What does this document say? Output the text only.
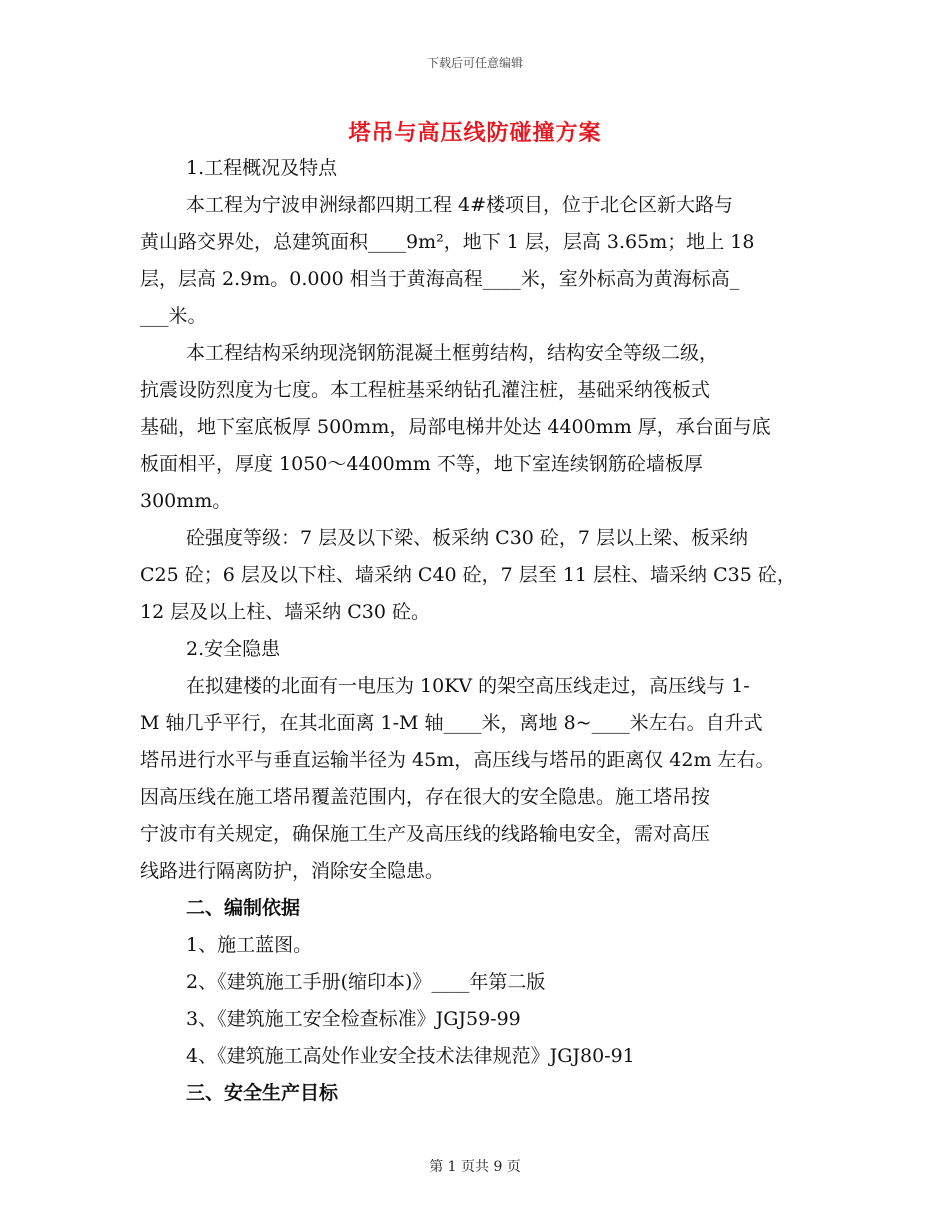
下载后可任意编辑
塔吊与高压线防碰撞方案
1.工程概况及特点
本工程为宁波申洲绿都四期工程 4#楼项目，位于北仑区新大路与
黄山路交界处，总建筑面积____9m²，地下 1 层，层高 3.65m；地上 18
层，层高 2.9m。0.000 相当于黄海高程____米，室外标高为黄海标高_
___米。
本工程结构采纳现浇钢筋混凝土框剪结构，结构安全等级二级，
抗震设防烈度为七度。本工程桩基采纳钻孔灌注桩，基础采纳筏板式
基础，地下室底板厚 500mm，局部电梯井处达 4400mm 厚，承台面与底
板面相平，厚度 1050～4400mm 不等，地下室连续钢筋砼墙板厚
300mm。
砼强度等级：7 层及以下梁、板采纳 C30 砼，7 层以上梁、板采纳
C25 砼；6 层及以下柱、墙采纳 C40 砼，7 层至 11 层柱、墙采纳 C35 砼，
12 层及以上柱、墙采纳 C30 砼。
2.安全隐患
在拟建楼的北面有一电压为 10KV 的架空高压线走过，高压线与 1-
M 轴几乎平行，在其北面离 1-M 轴____米，离地 8~____米左右。自升式
塔吊进行水平与垂直运输半径为 45m，高压线与塔吊的距离仅 42m 左右。
因高压线在施工塔吊覆盖范围内，存在很大的安全隐患。施工塔吊按
宁波市有关规定，确保施工生产及高压线的线路输电安全，需对高压
线路进行隔离防护，消除安全隐患。
二、编制依据
1、施工蓝图。
2、《建筑施工手册(缩印本)》____年第二版
3、《建筑施工安全检查标准》JGJ59-99
4、《建筑施工高处作业安全技术法律规范》JGJ80-91
三、安全生产目标
第 1 页共 9 页
